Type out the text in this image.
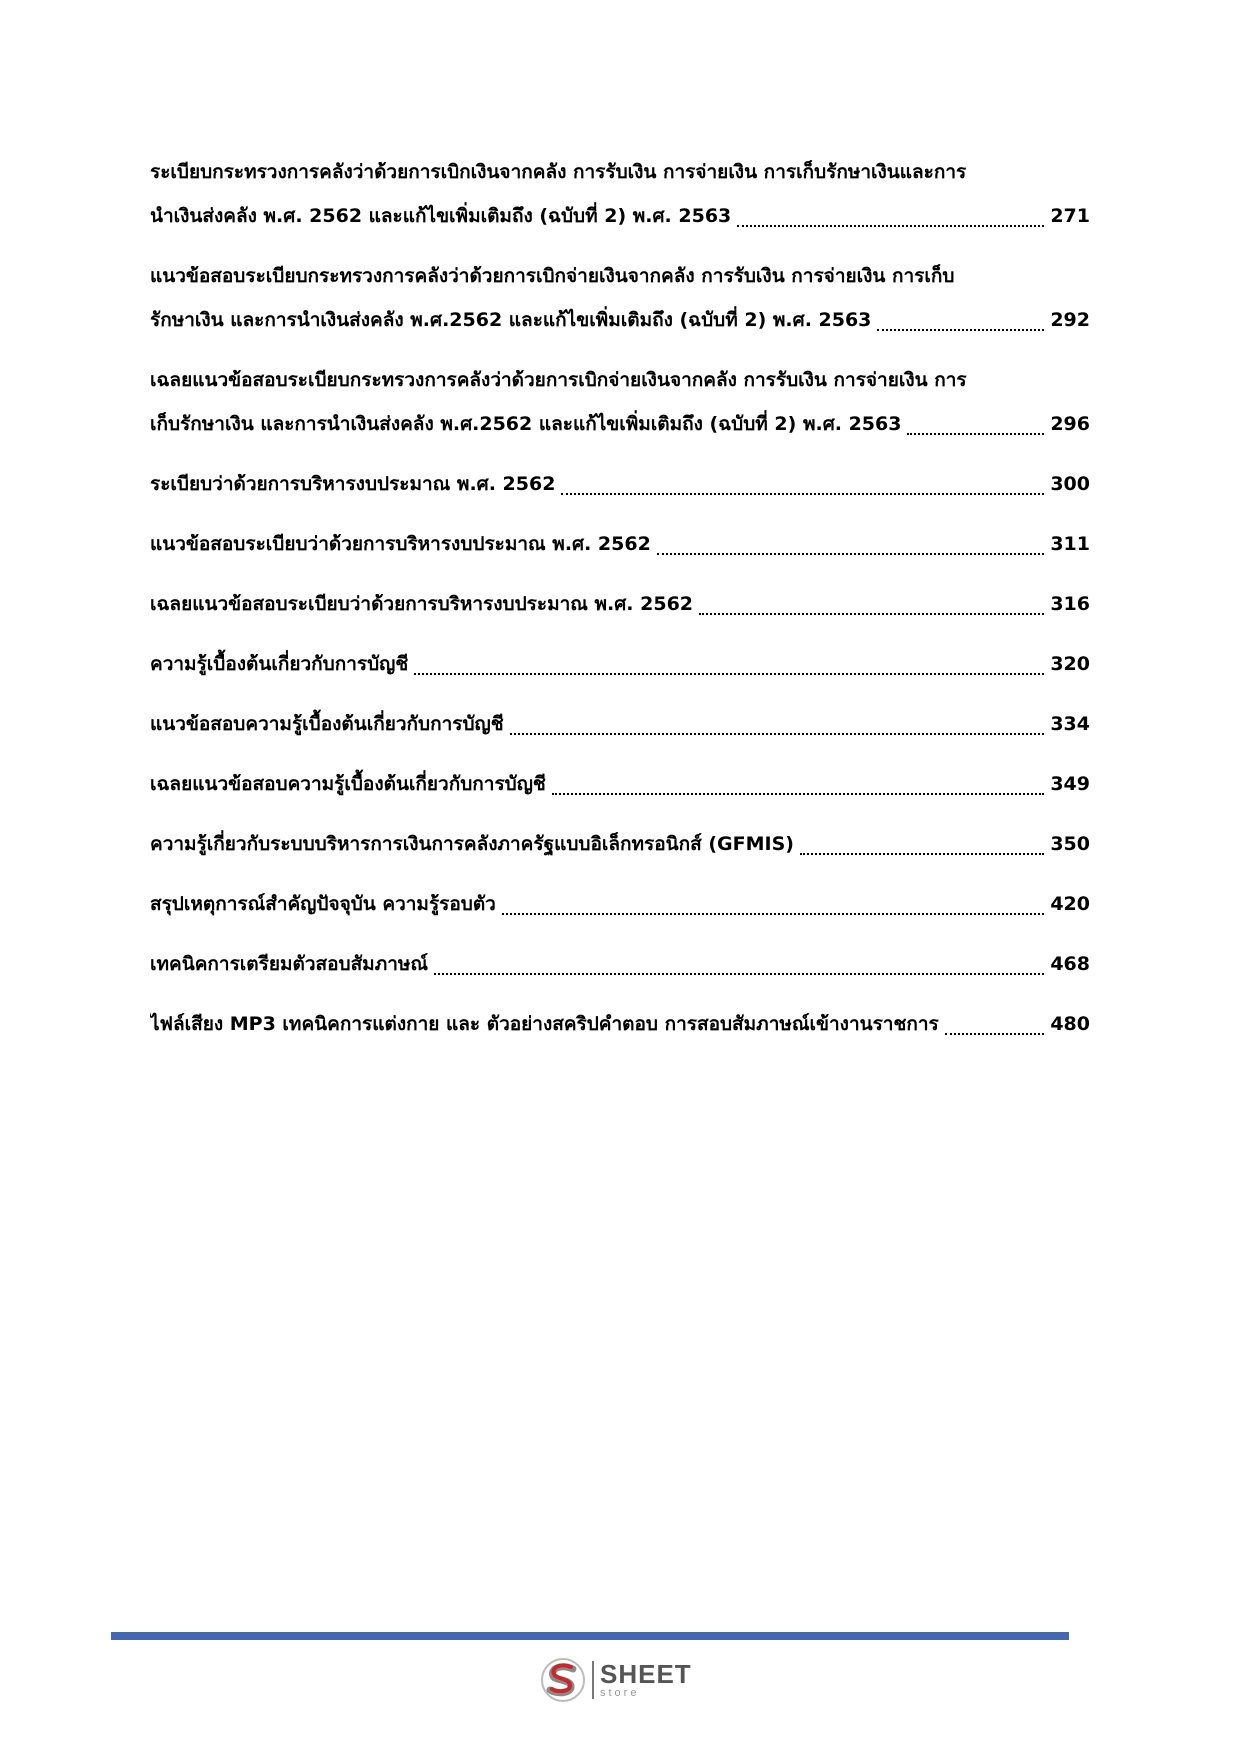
ระเบียบกระทรวงการคลังว่าด้วยการเบิกเงินจากคลัง การรับเงิน การจ่ายเงิน การเก็บรักษาเงินและการ
นำเงินส่งคลัง พ.ศ. 2562 และแก้ไขเพิ่มเติมถึง (ฉบับที่ 2) พ.ศ. 2563	271
แนวข้อสอบระเบียบกระทรวงการคลังว่าด้วยการเบิกจ่ายเงินจากคลัง การรับเงิน การจ่ายเงิน การเก็บ
รักษาเงิน และการนำเงินส่งคลัง พ.ศ.2562 และแก้ไขเพิ่มเติมถึง (ฉบับที่ 2) พ.ศ. 2563	292
เฉลยแนวข้อสอบระเบียบกระทรวงการคลังว่าด้วยการเบิกจ่ายเงินจากคลัง การรับเงิน การจ่ายเงิน การ
เก็บรักษาเงิน และการนำเงินส่งคลัง พ.ศ.2562 และแก้ไขเพิ่มเติมถึง (ฉบับที่ 2) พ.ศ. 2563	296
ระเบียบว่าด้วยการบริหารงบประมาณ พ.ศ. 2562	300
แนวข้อสอบระเบียบว่าด้วยการบริหารงบประมาณ พ.ศ. 2562	311
เฉลยแนวข้อสอบระเบียบว่าด้วยการบริหารงบประมาณ พ.ศ. 2562	316
ความรู้เบื้องต้นเกี่ยวกับการบัญชี	320
แนวข้อสอบความรู้เบื้องต้นเกี่ยวกับการบัญชี	334
เฉลยแนวข้อสอบความรู้เบื้องต้นเกี่ยวกับการบัญชี	349
ความรู้เกี่ยวกับระบบบริหารการเงินการคลังภาครัฐแบบอิเล็กทรอนิกส์ (GFMIS)	350
สรุปเหตุการณ์สำคัญปัจจุบัน ความรู้รอบตัว	420
เทคนิคการเตรียมตัวสอบสัมภาษณ์	468
ไฟล์เสียง MP3 เทคนิคการแต่งกาย และ ตัวอย่างสคริปคำตอบ การสอบสัมภาษณ์เข้างานราชการ	480
SHEET
store
